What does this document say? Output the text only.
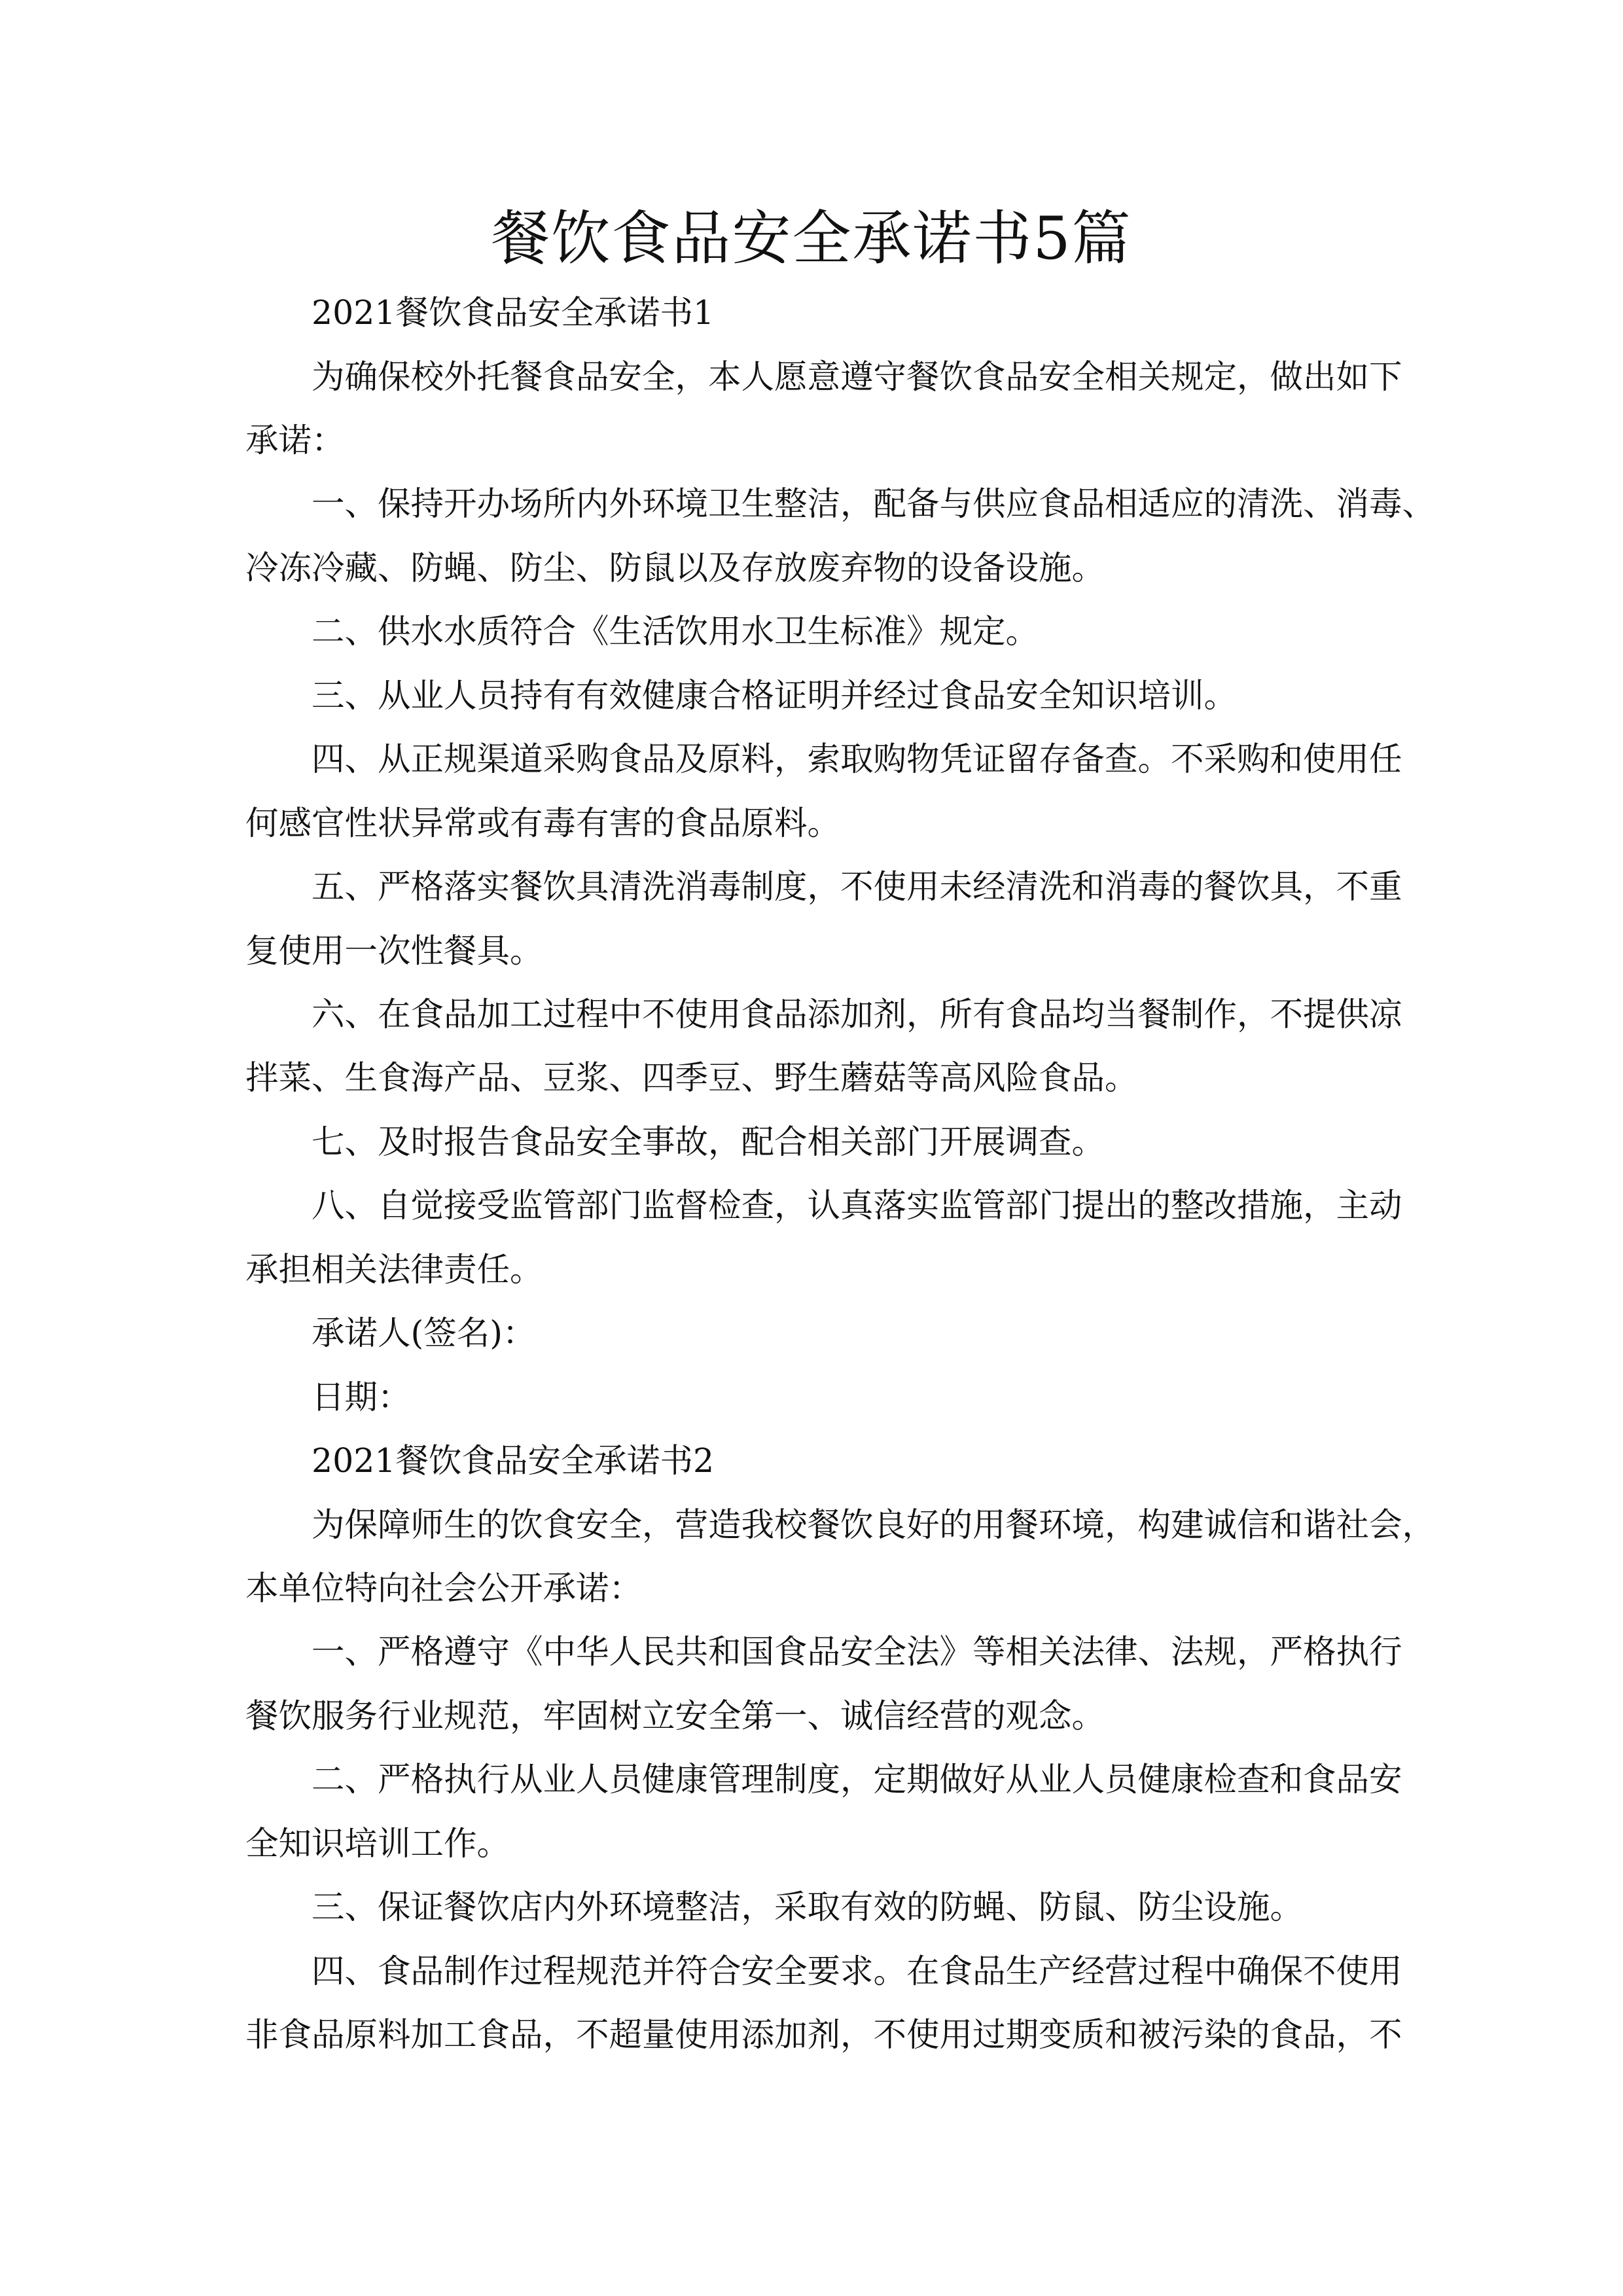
餐饮食品安全承诺书5篇
2021餐饮食品安全承诺书1
为确保校外托餐食品安全，本人愿意遵守餐饮食品安全相关规定，做出如下
承诺：
一、保持开办场所内外环境卫生整洁，配备与供应食品相适应的清洗、消毒、
冷冻冷藏、防蝇、防尘、防鼠以及存放废弃物的设备设施。
二、供水水质符合《生活饮用水卫生标准》规定。
三、从业人员持有有效健康合格证明并经过食品安全知识培训。
四、从正规渠道采购食品及原料，索取购物凭证留存备查。不采购和使用任
何感官性状异常或有毒有害的食品原料。
五、严格落实餐饮具清洗消毒制度，不使用未经清洗和消毒的餐饮具，不重
复使用一次性餐具。
六、在食品加工过程中不使用食品添加剂，所有食品均当餐制作，不提供凉
拌菜、生食海产品、豆浆、四季豆、野生蘑菇等高风险食品。
七、及时报告食品安全事故，配合相关部门开展调查。
八、自觉接受监管部门监督检查，认真落实监管部门提出的整改措施，主动
承担相关法律责任。
承诺人(签名)：
日期：
2021餐饮食品安全承诺书2
为保障师生的饮食安全，营造我校餐饮良好的用餐环境，构建诚信和谐社会，
本单位特向社会公开承诺：
一、严格遵守《中华人民共和国食品安全法》等相关法律、法规，严格执行
餐饮服务行业规范，牢固树立安全第一、诚信经营的观念。
二、严格执行从业人员健康管理制度，定期做好从业人员健康检查和食品安
全知识培训工作。
三、保证餐饮店内外环境整洁，采取有效的防蝇、防鼠、防尘设施。
四、食品制作过程规范并符合安全要求。在食品生产经营过程中确保不使用
非食品原料加工食品，不超量使用添加剂，不使用过期变质和被污染的食品，不
